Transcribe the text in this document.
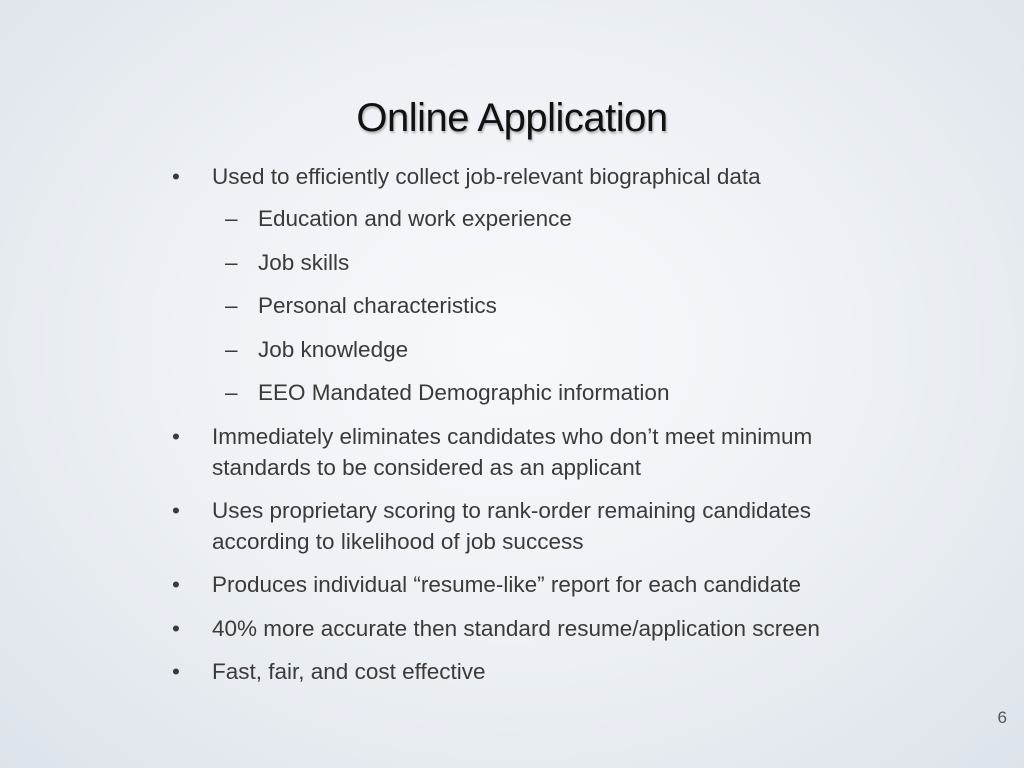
Online Application
• Used to efficiently collect job-relevant biographical data
– Education and work experience
– Job skills
– Personal characteristics
– Job knowledge
– EEO Mandated Demographic information
• Immediately eliminates candidates who don’t meet minimum
standards to be considered as an applicant
• Uses proprietary scoring to rank-order remaining candidates
according to likelihood of job success
• Produces individual “resume-like” report for each candidate
• 40% more accurate then standard resume/application screen
• Fast, fair, and cost effective
6
